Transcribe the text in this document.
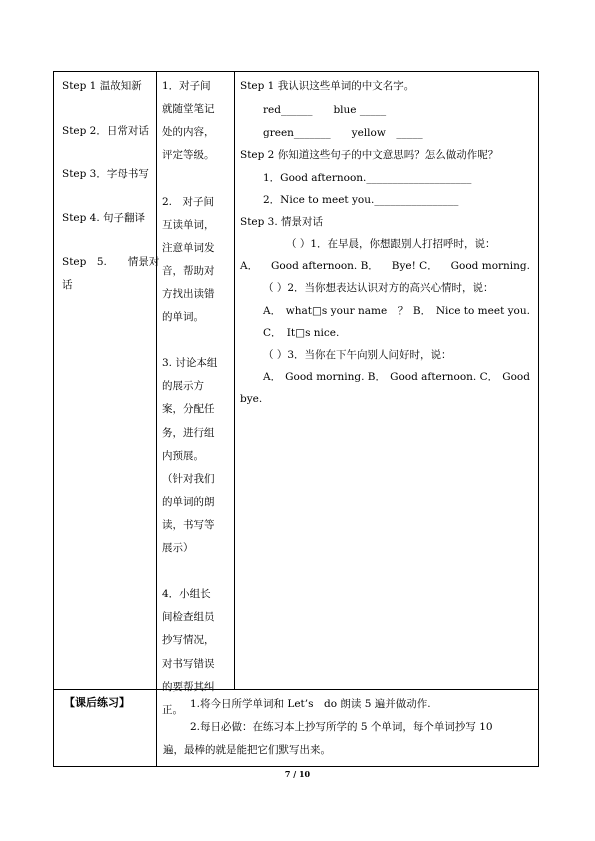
Step 1 温故知新
Step 2．日常对话
Step 3．字母书写
Step 4. 句子翻译
Step　5.　　情景对
话
1．对子间
就随堂笔记
处的内容，
评定等级。
2.　对子间
互读单词，
注意单词发
音，帮助对
方找出读错
的单词。
3. 讨论本组
的展示方
案，分配任
务，进行组
内预展。
（针对我们
的单词的朗
读，书写等
展示）
4．小组长
间检查组员
抄写情况，
对书写错误
的要帮其纠
正。
Step 1 我认识这些单词的中文名字。
red______　　blue _____
green_______　　yellow　_____
Step 2 你知道这些句子的中文意思吗？怎么做动作呢？
1．Good afternoon.____________________
2．Nice to meet you.________________
Step 3. 情景对话
（ ）1．在早晨，你想跟别人打招呼时，说：
A． Good afternoon. B． Bye! C． Good morning.
（ ）2．当你想表达认识对方的高兴心情时，说：
A． what□s your name　？ B． Nice to meet you.
C．　It□s nice.
（ ）3．当你在下午向别人问好时，说：
A． Good morning. B． Good afternoon. C． Good
bye.
【课后练习】	1.将今日所学单词和 Let’s　do 朗读 5 遍并做动作.
2.每日必做：在练习本上抄写所学的 5 个单词，每个单词抄写 10
遍，最棒的就是能把它们默写出来。
7 / 10
